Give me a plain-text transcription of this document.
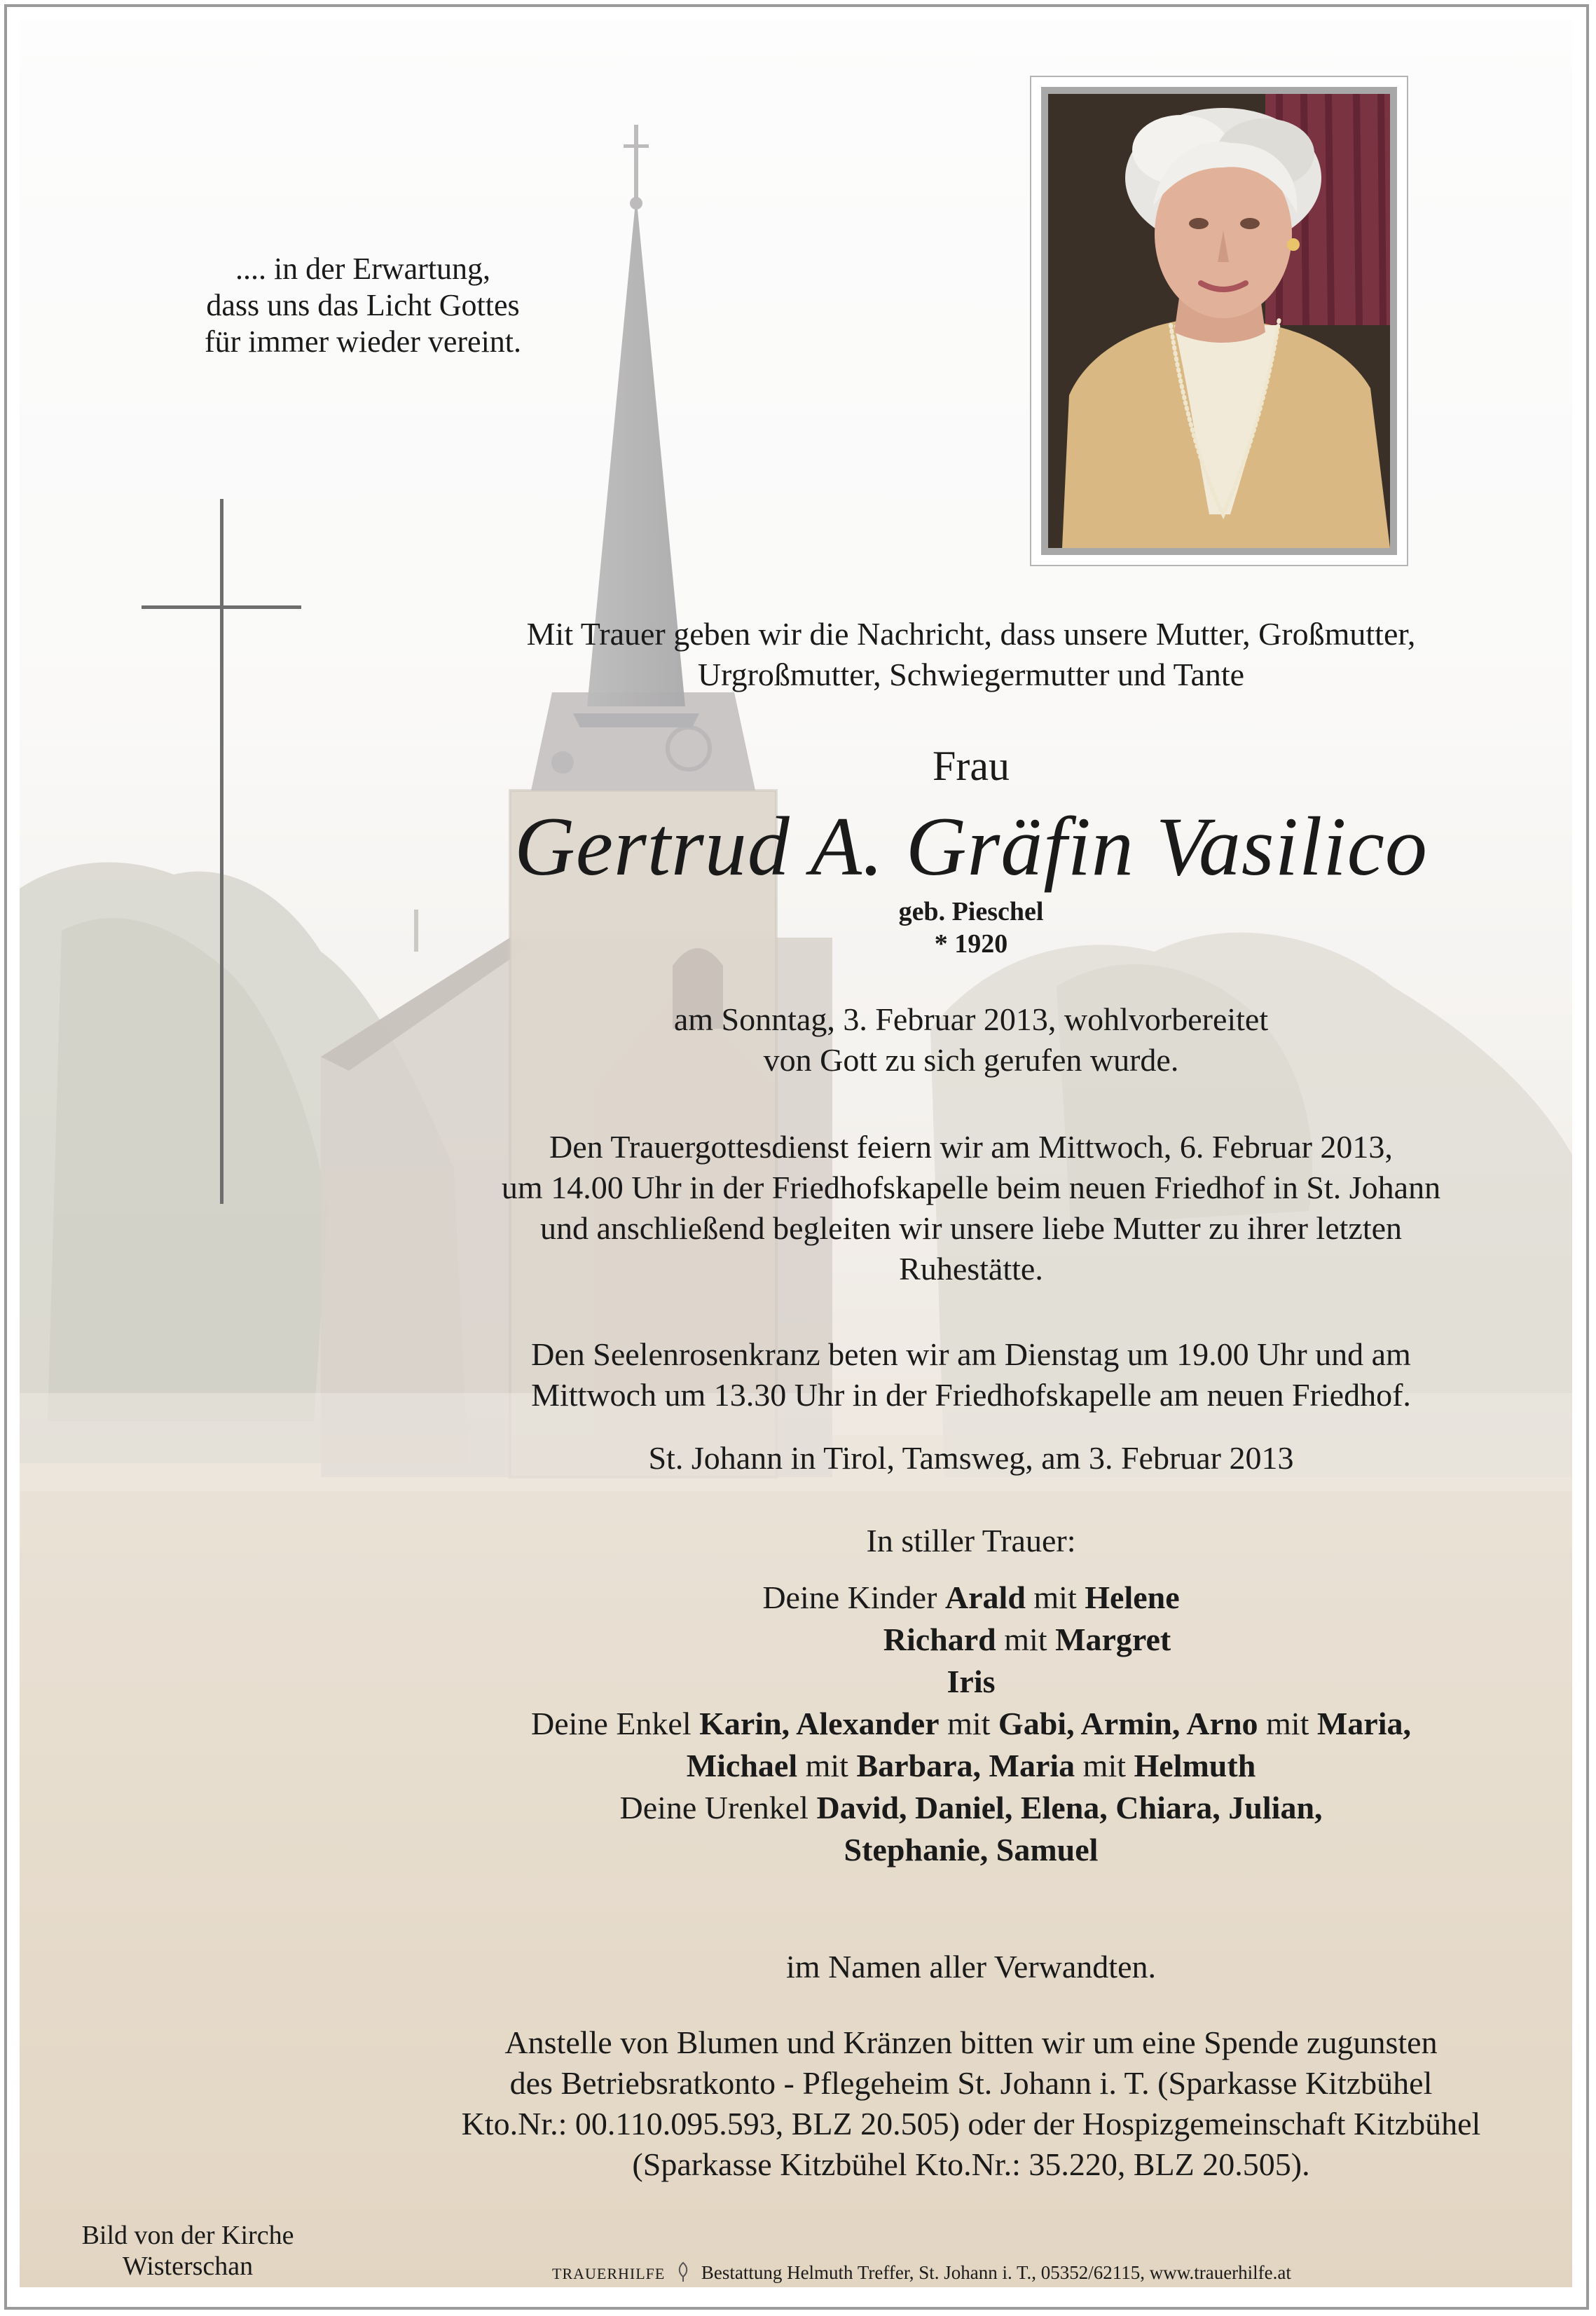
.... in der Erwartung,
dass uns das Licht Gottes
für immer wieder vereint.
Mit Trauer geben wir die Nachricht, dass unsere Mutter, Großmutter,
Urgroßmutter, Schwiegermutter und Tante
Frau
Gertrud A. Gräfin Vasilico
geb. Pieschel
* 1920
am Sonntag, 3. Februar 2013, wohlvorbereitet
von Gott zu sich gerufen wurde.
Den Trauergottesdienst feiern wir am Mittwoch, 6. Februar 2013,
um 14.00 Uhr in der Friedhofskapelle beim neuen Friedhof in St. Johann
und anschließend begleiten wir unsere liebe Mutter zu ihrer letzten
Ruhestätte.
Den Seelenrosenkranz beten wir am Dienstag um 19.00 Uhr und am
Mittwoch um 13.30 Uhr in der Friedhofskapelle am neuen Friedhof.
St. Johann in Tirol, Tamsweg, am 3. Februar 2013
In stiller Trauer:
Deine Kinder Arald mit Helene
Richard mit Margret
Iris
Deine Enkel Karin, Alexander mit Gabi, Armin, Arno mit Maria,
Michael mit Barbara, Maria mit Helmuth
Deine Urenkel David, Daniel, Elena, Chiara, Julian,
Stephanie, Samuel
im Namen aller Verwandten.
Anstelle von Blumen und Kränzen bitten wir um eine Spende zugunsten
des Betriebsratkonto - Pflegeheim St. Johann i. T. (Sparkasse Kitzbühel
Kto.Nr.: 00.110.095.593, BLZ 20.505) oder der Hospizgemeinschaft Kitzbühel
(Sparkasse Kitzbühel Kto.Nr.: 35.220, BLZ 20.505).
Bild von der Kirche
Wisterschan	TRAUERHILFE Bestattung Helmuth Treffer, St. Johann i. T., 05352/62115, www.trauerhilfe.at
